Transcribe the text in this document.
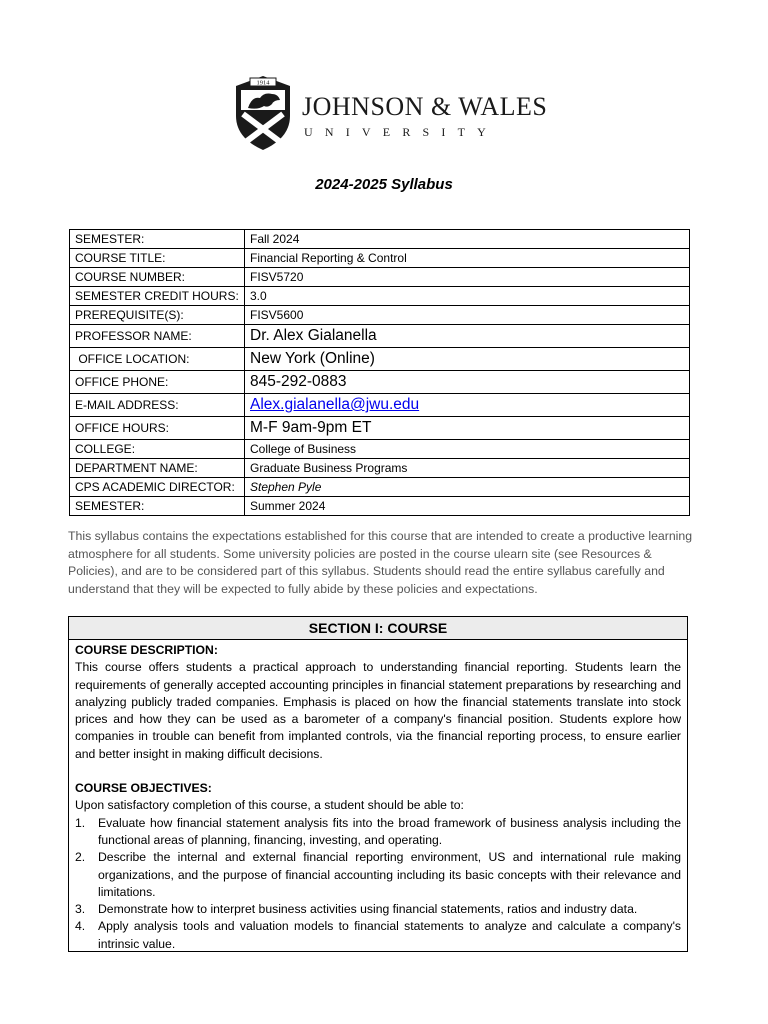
1914
JOHNSON & WALES
UNIVERSITY
2024-2025 Syllabus
SEMESTER:	Fall 2024
COURSE TITLE:	Financial Reporting & Control
COURSE NUMBER:	FISV5720
SEMESTER CREDIT HOURS:	3.0
PREREQUISITE(S):	FISV5600
PROFESSOR NAME:	Dr. Alex Gialanella
OFFICE LOCATION:	New York (Online)
OFFICE PHONE:	845-292-0883
E-MAIL ADDRESS:	Alex.gialanella@jwu.edu
OFFICE HOURS:	M-F 9am-9pm ET
COLLEGE:	College of Business
DEPARTMENT NAME:	Graduate Business Programs
CPS ACADEMIC DIRECTOR:	Stephen Pyle
SEMESTER:	Summer 2024
This syllabus contains the expectations established for this course that are intended to create a productive learning atmosphere for all students. Some university policies are posted in the course ulearn site (see Resources & Policies), and are to be considered part of this syllabus. Students should read the entire syllabus carefully and understand that they will be expected to fully abide by these policies and expectations.
SECTION I: COURSE
COURSE DESCRIPTION:
This course offers students a practical approach to understanding financial reporting. Students learn the requirements of generally accepted accounting principles in financial statement preparations by researching and analyzing publicly traded companies. Emphasis is placed on how the financial statements translate into stock prices and how they can be used as a barometer of a company's financial position. Students explore how companies in trouble can benefit from implanted controls, via the financial reporting process, to ensure earlier and better insight in making difficult decisions.
COURSE OBJECTIVES:
Upon satisfactory completion of this course, a student should be able to:
1.	Evaluate how financial statement analysis fits into the broad framework of business analysis including the functional areas of planning, financing, investing, and operating.
2.	Describe the internal and external financial reporting environment, US and international rule making organizations, and the purpose of financial accounting including its basic concepts with their relevance and limitations.
3.	Demonstrate how to interpret business activities using financial statements, ratios and industry data.
4.	Apply analysis tools and valuation models to financial statements to analyze and calculate a company's intrinsic value.
